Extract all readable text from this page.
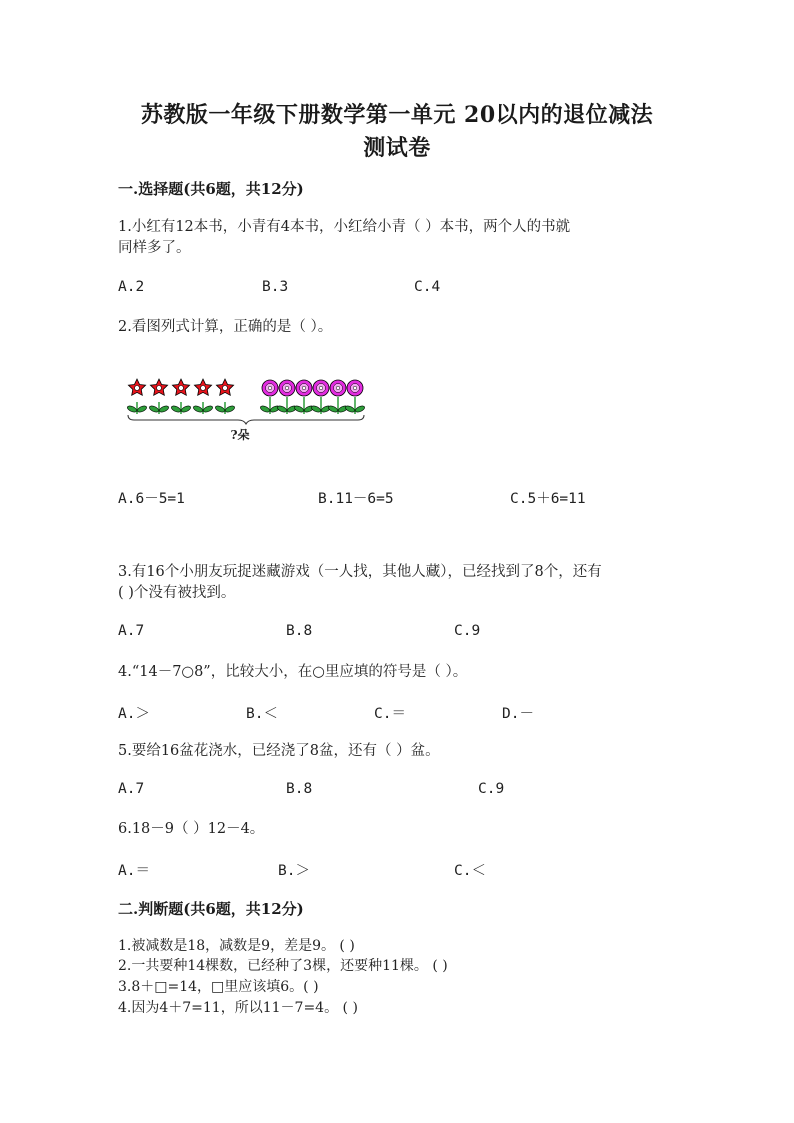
苏教版一年级下册数学第一单元 20以内的退位减法
测试卷
一.选择题(共6题，共12分)
1.小红有12本书，小青有4本书，小红给小青（ ）本书，两个人的书就
同样多了。
A.2	B.3	C.4
2.看图列式计算，正确的是（ ）。
?朵
A.6－5=1	B.11－6=5	C.5＋6=11
3.有16个小朋友玩捉迷藏游戏（一人找，其他人藏），已经找到了8个，还有
( )个没有被找到。
A.7	B.8	C.9
4.“14－7○8”，比较大小，在○里应填的符号是（ ）。
A.＞	B.＜	C.＝	D.－
5.要给16盆花浇水，已经浇了8盆，还有（ ）盆。
A.7	B.8	C.9
6.18－9（ ）12－4。
A.＝	B.＞	C.＜
二.判断题(共6题，共12分)
1.被减数是18，减数是9，差是9。 ( )
2.一共要种14棵数，已经种了3棵，还要种11棵。 ( )
3.8＋□=14，□里应该填6。( )
4.因为4＋7=11，所以11－7=4。 ( )
